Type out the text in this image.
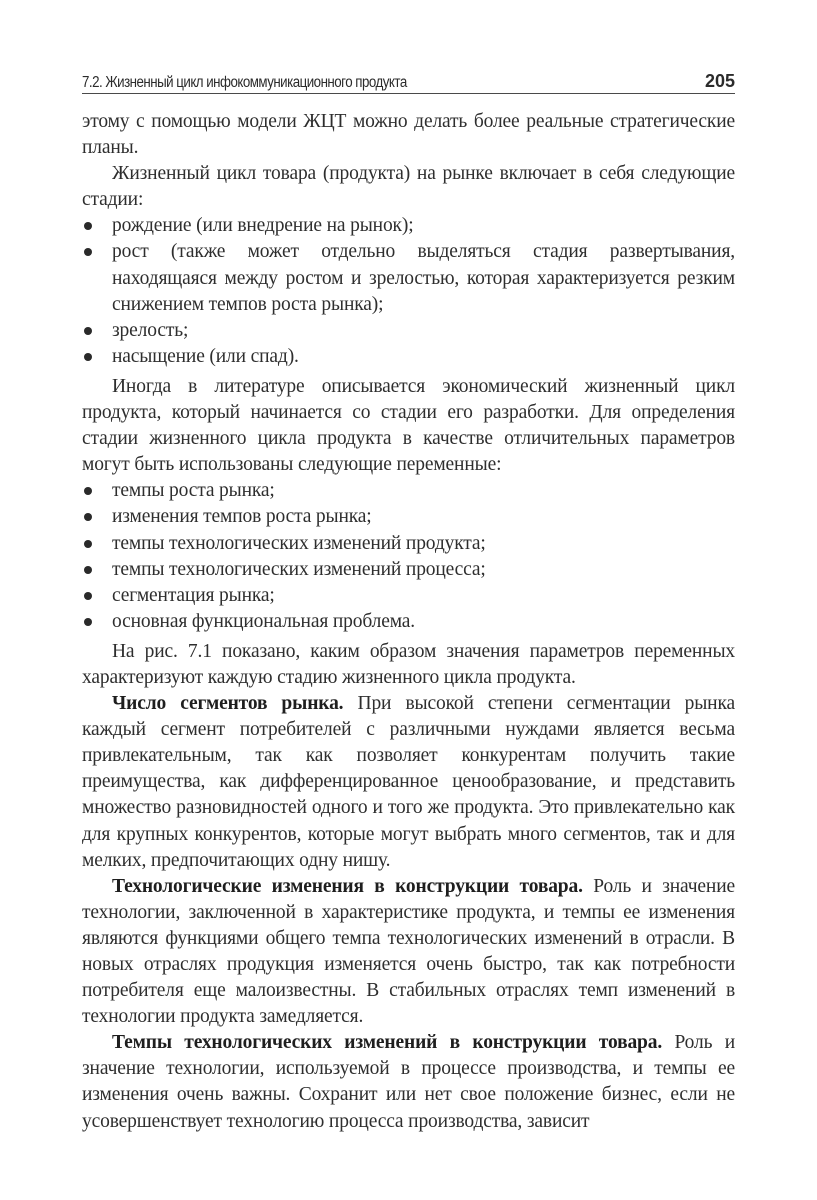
7.2. Жизненный цикл инфокоммуникационного продукта	205

этому с помощью модели ЖЦТ можно делать более реальные стратегические планы.

Жизненный цикл товара (продукта) на рынке включает в себя следующие стадии:

рождение (или внедрение на рынок);
рост (также может отдельно выделяться стадия развертывания, находящаяся между ростом и зрелостью, которая характеризуется резким снижением темпов роста рынка);
зрелость;
насыщение (или спад).

Иногда в литературе описывается экономический жизненный цикл продукта, который начинается со стадии его разработки. Для определения стадии жизненного цикла продукта в качестве отличительных параметров могут быть использованы следующие переменные:

темпы роста рынка;
изменения темпов роста рынка;
темпы технологических изменений продукта;
темпы технологических изменений процесса;
сегментация рынка;
основная функциональная проблема.

На рис. 7.1 показано, каким образом значения параметров переменных характеризуют каждую стадию жизненного цикла продукта.

Число сегментов рынка. При высокой степени сегментации рынка каждый сегмент потребителей с различными нуждами является весьма привлекательным, так как позволяет конкурентам получить такие преимущества, как дифференцированное ценообразование, и представить множество разновидностей одного и того же продукта. Это привлекательно как для крупных конкурентов, которые могут выбрать много сегментов, так и для мелких, предпочитающих одну нишу.

Технологические изменения в конструкции товара. Роль и значение технологии, заключенной в характеристике продукта, и темпы ее изменения являются функциями общего темпа технологических изменений в отрасли. В новых отраслях продукция изменяется очень быстро, так как потребности потребителя еще малоизвестны. В стабильных отраслях темп изменений в технологии продукта замедляется.

Темпы технологических изменений в конструкции товара. Роль и значение технологии, используемой в процессе производства, и темпы ее изменения очень важны. Сохранит или нет свое положение бизнес, если не усовершенствует технологию процесса производства, зависит
